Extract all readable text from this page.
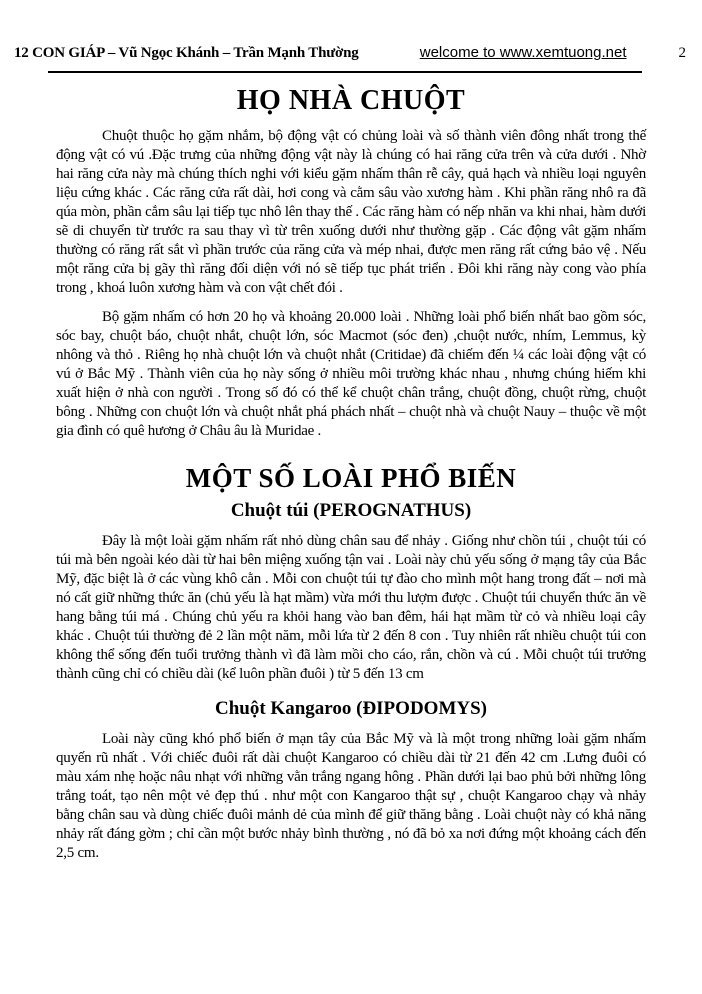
12 CON GIÁP – Vũ Ngọc Khánh – Trần Mạnh Thường	welcome to www.xemtuong.net	2
HỌ NHÀ CHUỘT

Chuột thuộc họ gặm nhắm, bộ động vật có chủng loài và số thành viên đông nhất trong thế động vật có vú .Đặc trưng của những động vật này là chúng có hai răng cửa trên và cửa dưới . Nhờ hai răng cửa này mà chúng thích nghi với kiểu gặm nhấm thân rễ cây, quả hạch và nhiều loại nguyên liệu cứng khác . Các răng cửa rất dài, hơi cong và cằm sâu vào xương hàm . Khi phần răng nhô ra đã qúa mòn, phần cắm sâu lại tiếp tục nhô lên thay thế . Các răng hàm có nếp nhăn va khi nhai, hàm dưới sẽ di chuyển từ trước ra sau thay vì từ trên xuống dưới như thường gặp . Các động vât gặm nhấm thường có răng rất sắt vì phần trước của răng cửa và mép nhai, được men răng rất cứng bảo vệ . Nếu một răng cửa bị gãy thì răng đối diện với nó sẽ tiếp tục phát triển . Đôi khi răng này cong vào phía trong , khoá luôn xương hàm và con vật chết đói .

Bộ gặm nhấm có hơn 20 họ và khoảng 20.000 loài . Những loài phổ biến nhất bao gồm sóc, sóc bay, chuột báo, chuột nhắt, chuột lớn, sóc Macmot (sóc đen) ,chuột nước, nhím, Lemmus, kỳ nhông và thỏ . Riêng họ nhà chuột lớn và chuột nhắt (Critidae) đã chiếm đến ¼ các loài động vật có vú ở Bắc Mỹ . Thành viên của họ này sống ở nhiều môi trường khác nhau , nhưng chúng hiếm khi xuất hiện ở nhà con người . Trong số đó có thể kể chuột chân trắng, chuột đồng, chuột rừng, chuột bông . Những con chuột lớn và chuột nhắt phá phách nhất – chuột nhà và chuột Nauy – thuộc về một gia đình có quê hương ở Châu âu là Muridae .

MỘT SỐ LOÀI PHỔ BIẾN
Chuột túi (PEROGNATHUS)

Đây là một loài gặm nhấm rất nhỏ dùng chân sau để nhảy . Giống như chồn túi , chuột túi có túi mà bên ngoài kéo dài từ hai bên miệng xuống tận vai . Loài này chủ yếu sống ở mạng tây của Bắc Mỹ, đặc biệt là ở các vùng khô cằn . Mỗi con chuột túi tự đào cho mình một hang trong đất – nơi mà nó cất giữ những thức ăn (chủ yếu là hạt mầm) vừa mới thu lượm được . Chuột túi chuyển thức ăn về hang bằng túi má . Chúng chủ yếu ra khỏi hang vào ban đêm, hái hạt mầm từ cỏ và nhiều loại cây khác . Chuột túi thường đẻ 2 lần một năm, mỗi lứa từ 2 đến 8 con . Tuy nhiên rất nhiều chuột túi con không thể sống đến tuổi trưởng thành vì đã làm mồi cho cáo, rắn, chồn và cú . Mỗi chuột túi trưởng thành cũng chỉ có chiều dài (kể luôn phần đuôi ) từ 5 đến 13 cm

Chuột Kangaroo (ĐIPODOMYS)

Loài này cũng khó phổ biến ở mạn tây của Bắc Mỹ và là một trong những loài gặm nhấm quyến rũ nhất . Với chiếc đuôi rất dài chuột Kangaroo có chiều dài từ 21 đến 42 cm .Lưng đuôi có màu xám nhẹ hoặc nâu nhạt với những vằn trắng ngang hông . Phần dưới lại bao phủ bởi những lông trắng toát, tạo nên một vẻ đẹp thú . như một con Kangaroo thật sự , chuột Kangaroo chạy và nhảy bằng chân sau và dùng chiếc đuôi mảnh dẻ của mình để giữ thăng bằng . Loài chuột này có khả năng nhảy rất đáng gờm ; chỉ cần một bước nhảy bình thường , nó đã bỏ xa nơi đứng một khoảng cách đến 2,5 cm.
